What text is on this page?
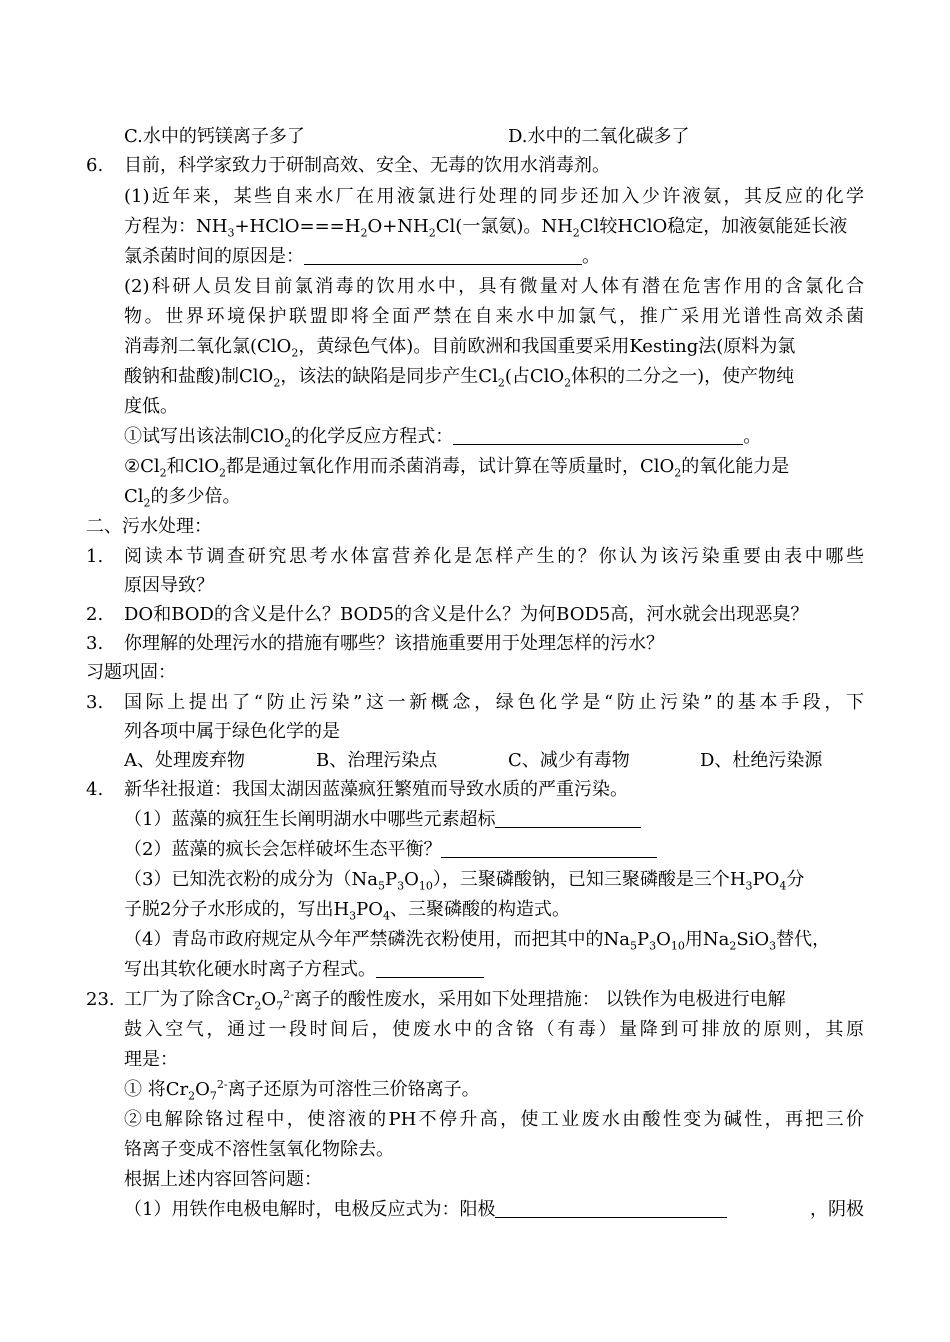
C.水中的钙镁离子多了	D.水中的二氧化碳多了
6. 目前，科学家致力于研制高效、安全、无毒的饮用水消毒剂。
(1)近年来，某些自来水厂在用液氯进行处理的同步还加入少许液氨，其反应的化学
方程为：$NH_3+HClO===H_2O+NH_2Cl$(一氯氨)。$NH_2Cl$较HClO稳定，加液氨能延长液
氯杀菌时间的原因是：	。
(2)科研人员发目前氯消毒的饮用水中，具有微量对人体有潜在危害作用的含氯化合
物。世界环境保护联盟即将全面严禁在自来水中加氯气，推广采用光谱性高效杀菌
消毒剂二氧化氯(ClO$_2$，黄绿色气体)。目前欧洲和我国重要采用Kesting法(原料为氯
酸钠和盐酸)制ClO$_2$，该法的缺陷是同步产生$Cl_2$(占ClO$_2$体积的二分之一)，使产物纯
度低。
①试写出该法制ClO$_2$的化学反应方程式：	。
$②Cl_2$和ClO$_2$都是通过氧化作用而杀菌消毒，试计算在等质量时，ClO$_2$的氧化能力是
$Cl_2$的多少倍。
二、污水处理：
1. 阅读本节调查研究思考水体富营养化是怎样产生的？你认为该污染重要由表中哪些
原因导致？
2. DO和BOD的含义是什么？BOD5的含义是什么？为何BOD5高，河水就会出现恶臭？
3. 你理解的处理污水的措施有哪些？该措施重要用于处理怎样的污水？
习题巩固：
3. 国际上提出了“防止污染”这一新概念，绿色化学是“防止污染”的基本手段，下
列各项中属于绿色化学的是
A、处理废弃物	B、治理污染点	C、减少有毒物	D、杜绝污染源
4. 新华社报道：我国太湖因蓝藻疯狂繁殖而导致水质的严重污染。
（1）蓝藻的疯狂生长阐明湖水中哪些元素超标
（2）蓝藻的疯长会怎样破坏生态平衡？
（3）已知洗衣粉的成分为$(Na_5P_3O_{10})$，三聚磷酸钠，已知三聚磷酸是三个$H_3PO_4$分
子脱2分子水形成的，写出$H_3PO_4$、三聚磷酸的构造式。
（4）青岛市政府规定从今年严禁磷洗衣粉使用，而把其中的$Na_5P_3O_{10}$用$Na_2SiO_3$替代，
写出其软化硬水时离子方程式。
23. 工厂为了除含$Cr_2O_7^{2-}$离子的酸性废水，采用如下处理措施： 以铁作为电极进行电解
鼓入空气，通过一段时间后，使废水中的含铬（有毒）量降到可排放的原则，其原
理是：
① 将$Cr_2O_7^{2-}$离子还原为可溶性三价铬离子。
②电解除铬过程中，使溶液的PH不停升高，使工业废水由酸性变为碱性，再把三价
铬离子变成不溶性氢氧化物除去。
根据上述内容回答问题：
（1）用铁作电极电解时，电极反应式为：阳极	，阴极
